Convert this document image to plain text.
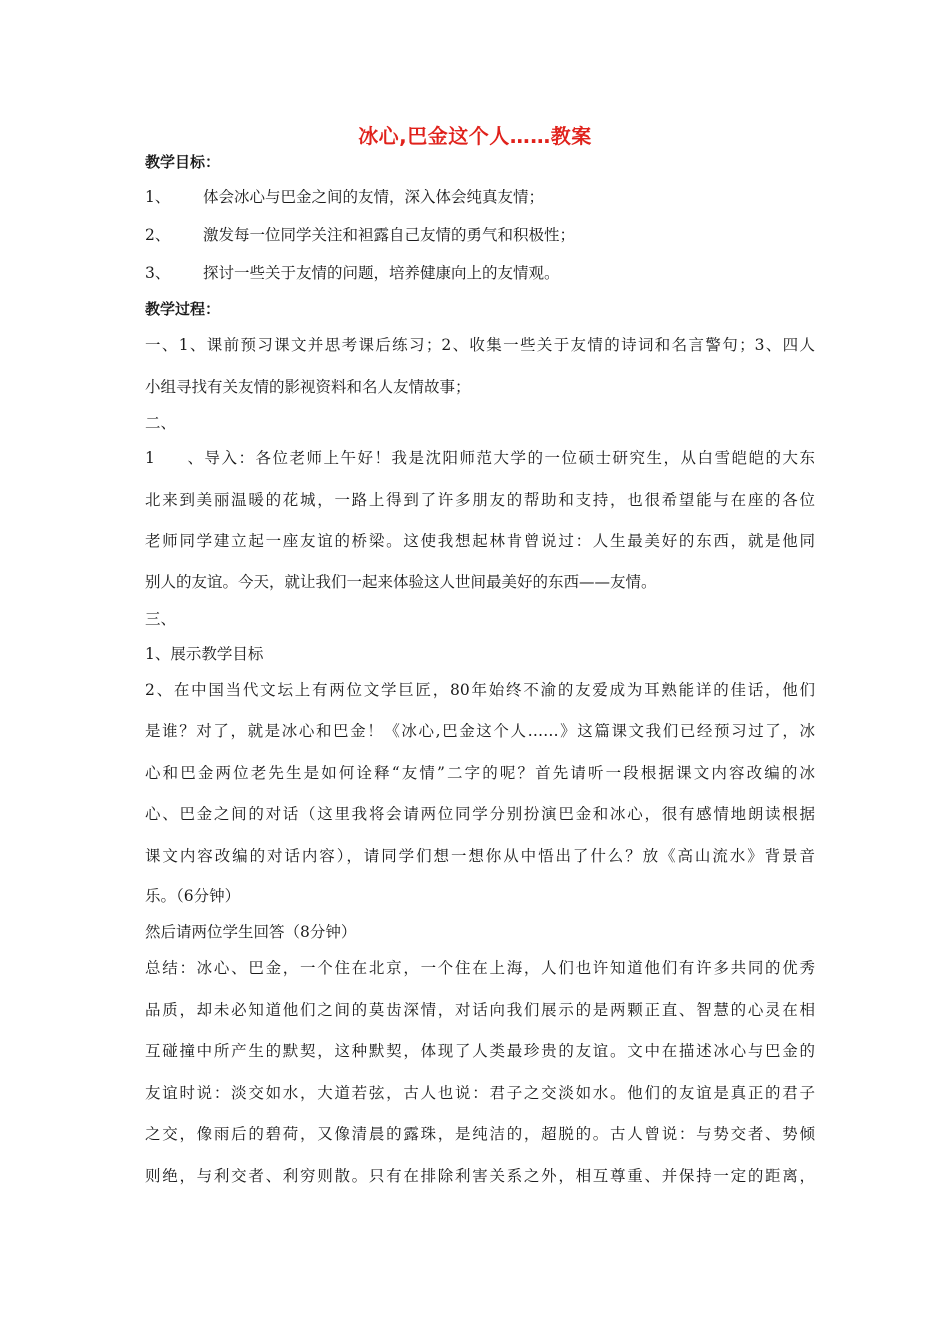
冰心,巴金这个人……教案
教学目标：
1、 体会冰心与巴金之间的友情，深入体会纯真友情；
2、 激发每一位同学关注和袒露自己友情的勇气和积极性；
3、 探讨一些关于友情的问题，培养健康向上的友情观。
教学过程：
一、1、课前预习课文并思考课后练习；2、收集一些关于友情的诗词和名言警句；3、四人
小组寻找有关友情的影视资料和名人友情故事；
二、
1、导入：各位老师上午好！我是沈阳师范大学的一位硕士研究生，从白雪皑皑的大东
北来到美丽温暖的花城，一路上得到了许多朋友的帮助和支持，也很希望能与在座的各位
老师同学建立起一座友谊的桥梁。这使我想起林肯曾说过：人生最美好的东西，就是他同
别人的友谊。今天，就让我们一起来体验这人世间最美好的东西——友情。
三、
1、展示教学目标
2、在中国当代文坛上有两位文学巨匠，80年始终不渝的友爱成为耳熟能详的佳话，他们
是谁？对了，就是冰心和巴金！《冰心,巴金这个人……》这篇课文我们已经预习过了，冰
心和巴金两位老先生是如何诠释“友情”二字的呢？首先请听一段根据课文内容改编的冰
心、巴金之间的对话（这里我将会请两位同学分别扮演巴金和冰心，很有感情地朗读根据
课文内容改编的对话内容），请同学们想一想你从中悟出了什么？放《高山流水》背景音
乐。（6分钟）
然后请两位学生回答（8分钟）
总结：冰心、巴金，一个住在北京，一个住在上海，人们也许知道他们有许多共同的优秀
品质，却未必知道他们之间的莫齿深情，对话向我们展示的是两颗正直、智慧的心灵在相
互碰撞中所产生的默契，这种默契，体现了人类最珍贵的友谊。文中在描述冰心与巴金的
友谊时说：淡交如水，大道若弦，古人也说：君子之交淡如水。他们的友谊是真正的君子
之交，像雨后的碧荷，又像清晨的露珠，是纯洁的，超脱的。古人曾说：与势交者、势倾
则绝，与利交者、利穷则散。只有在排除利害关系之外，相互尊重、并保持一定的距离，
